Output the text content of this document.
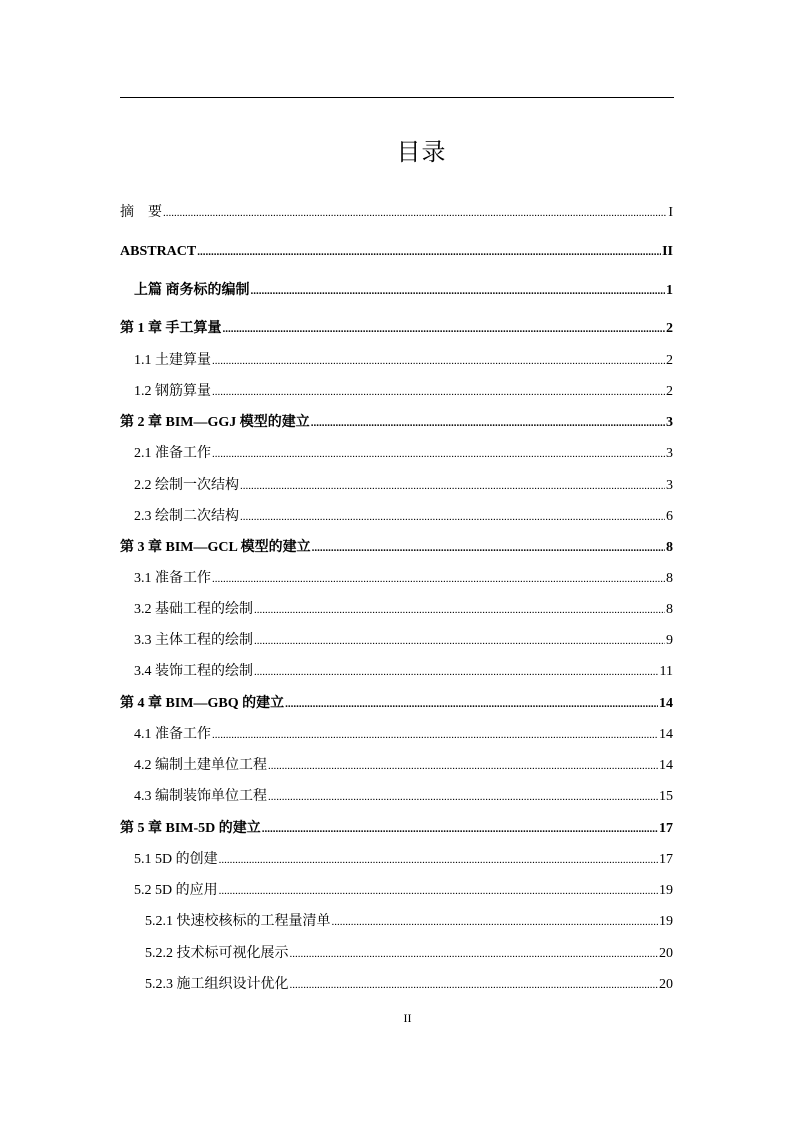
目录
摘　要 .....	I
ABSTRACT .....	II
上篇 商务标的编制 .....	1
第 1 章 手工算量 .....	2
1.1 土建算量 .....	2
1.2 钢筋算量 .....	2
第 2 章 BIM—GGJ 模型的建立 .....	3
2.1 准备工作 .....	3
2.2 绘制一次结构 .....	3
2.3 绘制二次结构 .....	6
第 3 章 BIM—GCL 模型的建立 .....	8
3.1 准备工作 .....	8
3.2 基础工程的绘制 .....	8
3.3 主体工程的绘制 .....	9
3.4 装饰工程的绘制 .....	11
第 4 章 BIM—GBQ 的建立 .....	14
4.1 准备工作 .....	14
4.2 编制土建单位工程 .....	14
4.3 编制装饰单位工程 .....	15
第 5 章 BIM-5D 的建立 .....	17
5.1 5D 的创建 .....	17
5.2 5D 的应用 .....	19
5.2.1 快速校核标的工程量清单 .....	19
5.2.2 技术标可视化展示 .....	20
5.2.3 施工组织设计优化 .....	20
II
